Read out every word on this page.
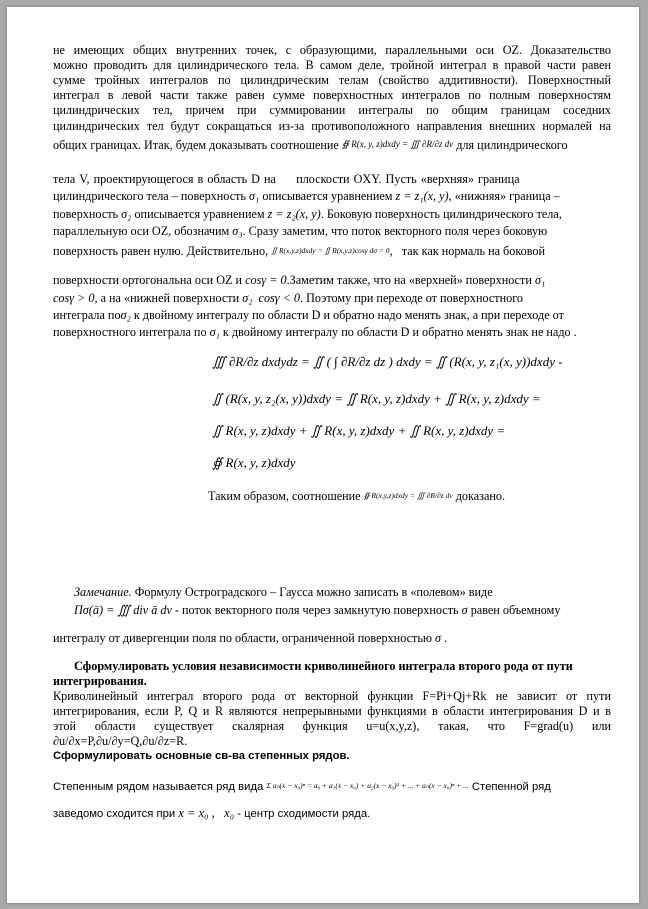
не имеющих общих внутренних точек, с образующими, параллельными оси OZ. Доказательство
можно проводить для цилиндрического тела. В самом деле, тройной интеграл в правой части равен
сумме тройных интегралов по цилиндрическим телам (свойство аддитивности). Поверхностный
интеграл в левой части также равен сумме поверхностных интегралов по полным поверхностям
цилиндрических тел, причем при суммировании интегралы по общим границам соседних
цилиндрических тел будут сокращаться из-за противоположного направления внешних нормалей на
общих границах. Итак, будем доказывать соотношение ∯ R(x, y, z)dxdy = ∭ ∂R/∂z dv для цилиндрического
тела V, проектирующегося в область D на плоскости OXY. Пусть «верхняя» граница
цилиндрического тела – поверхность σ₁ описывается уравнением z = z₁(x, y), «нижняя» граница –
поверхность σ₂ описывается уравнением z = z₂(x, y). Боковую поверхность цилиндрического тела,
параллельную оси OZ, обозначим σ₃. Сразу заметим, что поток векторного поля через боковую
поверхность равен нулю. Действительно, ∬ R(x,y,z)dxdy = ∬ R(x,y,z)cosγ dσ = 0,   так как нормаль на боковой
поверхности ортогональна оси OZ и cosγ = 0.Заметим также, что на «верхней» поверхности σ₁
cosγ > 0, а на «нижней поверхности σ₂ cosγ < 0. Поэтому при переходе от поверхностного
интеграла поσ₂ к двойному интегралу по области D и обратно надо менять знак, а при переходе от
поверхностного интеграла по σ₁ к двойному интегралу по области D и обратно менять знак не надо .
∭ ∂R/∂z dxdydz = ∬ ( ∫ ∂R/∂z dz ) dxdy = ∬ (R(x, y, z₁(x, y))dxdy -
∬ (R(x, y, z₂(x, y))dxdy = ∬ R(x, y, z)dxdy + ∬ R(x, y, z)dxdy =
∬ R(x, y, z)dxdy + ∬ R(x, y, z)dxdy + ∬ R(x, y, z)dxdy =
∯ R(x, y, z)dxdy
Таким образом, соотношение ∯ R(x,y,z)dxdy = ∭ ∂R/∂z dv доказано.
Замечание. Формулу Остроградского – Гаусса можно записать в «полевом» виде
Πσ(ā) = ∭ div ā dv - поток векторного поля через замкнутую поверхность σ равен объемному
интегралу от дивергенции поля по области, ограниченной поверхностью σ .
Сформулировать условия независимости криволинейного интеграла второго рода от пути
интегрирования.
Криволинейный интеграл второго рода от векторной функции F=Pi+Qj+Rk не зависит от пути
интегрирования, если P, Q и R являются непрерывными функциями в области интегрирования D и в
этой области существует скалярная функция u=u(x,y,z), такая, что F=grad(u) или
∂u/∂x=P,∂u/∂y=Q,∂u/∂z=R.
Сформулировать основные св-ва степенных рядов.
Степенным рядом называется ряд вида Σ aₙ(x − x₀)ⁿ = a₀ + a₁(x − x₀) + a₂(x − x₀)² + ... + aₙ(x − x₀)ⁿ + ... Степенной ряд
заведомо сходится при x = x₀ , x₀ - центр сходимости ряда.
